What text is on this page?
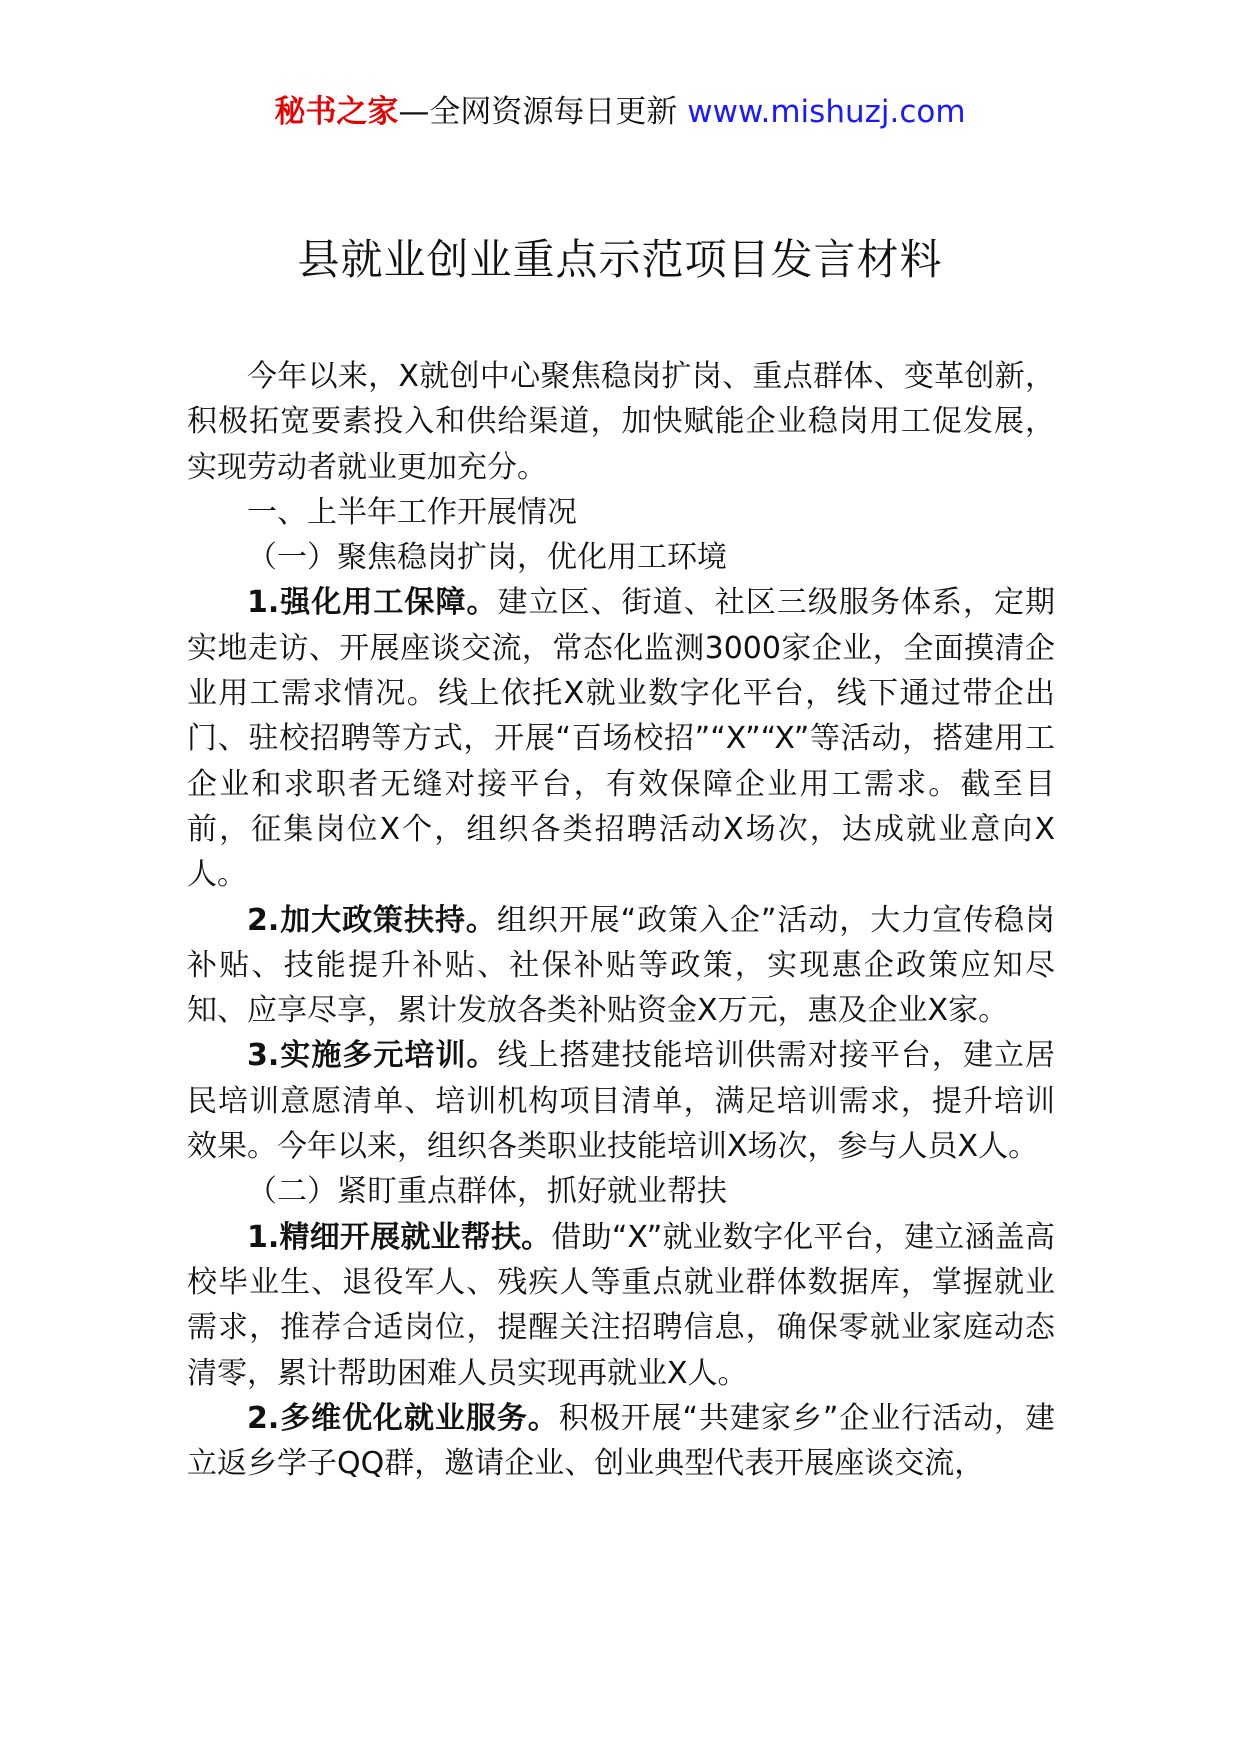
秘书之家—全网资源每日更新 www.mishuzj.com
县就业创业重点示范项目发言材料

今年以来，X就创中心聚焦稳岗扩岗、重点群体、变革创新，积极拓宽要素投入和供给渠道，加快赋能企业稳岗用工促发展，实现劳动者就业更加充分。

一、上半年工作开展情况

（一）聚焦稳岗扩岗，优化用工环境

1.强化用工保障。建立区、街道、社区三级服务体系，定期实地走访、开展座谈交流，常态化监测3000家企业，全面摸清企业用工需求情况。线上依托X就业数字化平台，线下通过带企出门、驻校招聘等方式，开展“百场校招”“X”“X”等活动，搭建用工企业和求职者无缝对接平台，有效保障企业用工需求。截至目前，征集岗位X个，组织各类招聘活动X场次，达成就业意向X人。

2.加大政策扶持。组织开展“政策入企”活动，大力宣传稳岗补贴、技能提升补贴、社保补贴等政策，实现惠企政策应知尽知、应享尽享，累计发放各类补贴资金X万元，惠及企业X家。

3.实施多元培训。线上搭建技能培训供需对接平台，建立居民培训意愿清单、培训机构项目清单，满足培训需求，提升培训效果。今年以来，组织各类职业技能培训X场次，参与人员X人。

（二）紧盯重点群体，抓好就业帮扶

1.精细开展就业帮扶。借助“X”就业数字化平台，建立涵盖高校毕业生、退役军人、残疾人等重点就业群体数据库，掌握就业需求，推荐合适岗位，提醒关注招聘信息，确保零就业家庭动态清零，累计帮助困难人员实现再就业X人。

2.多维优化就业服务。积极开展“共建家乡”企业行活动，建立返乡学子QQ群，邀请企业、创业典型代表开展座谈交流，
